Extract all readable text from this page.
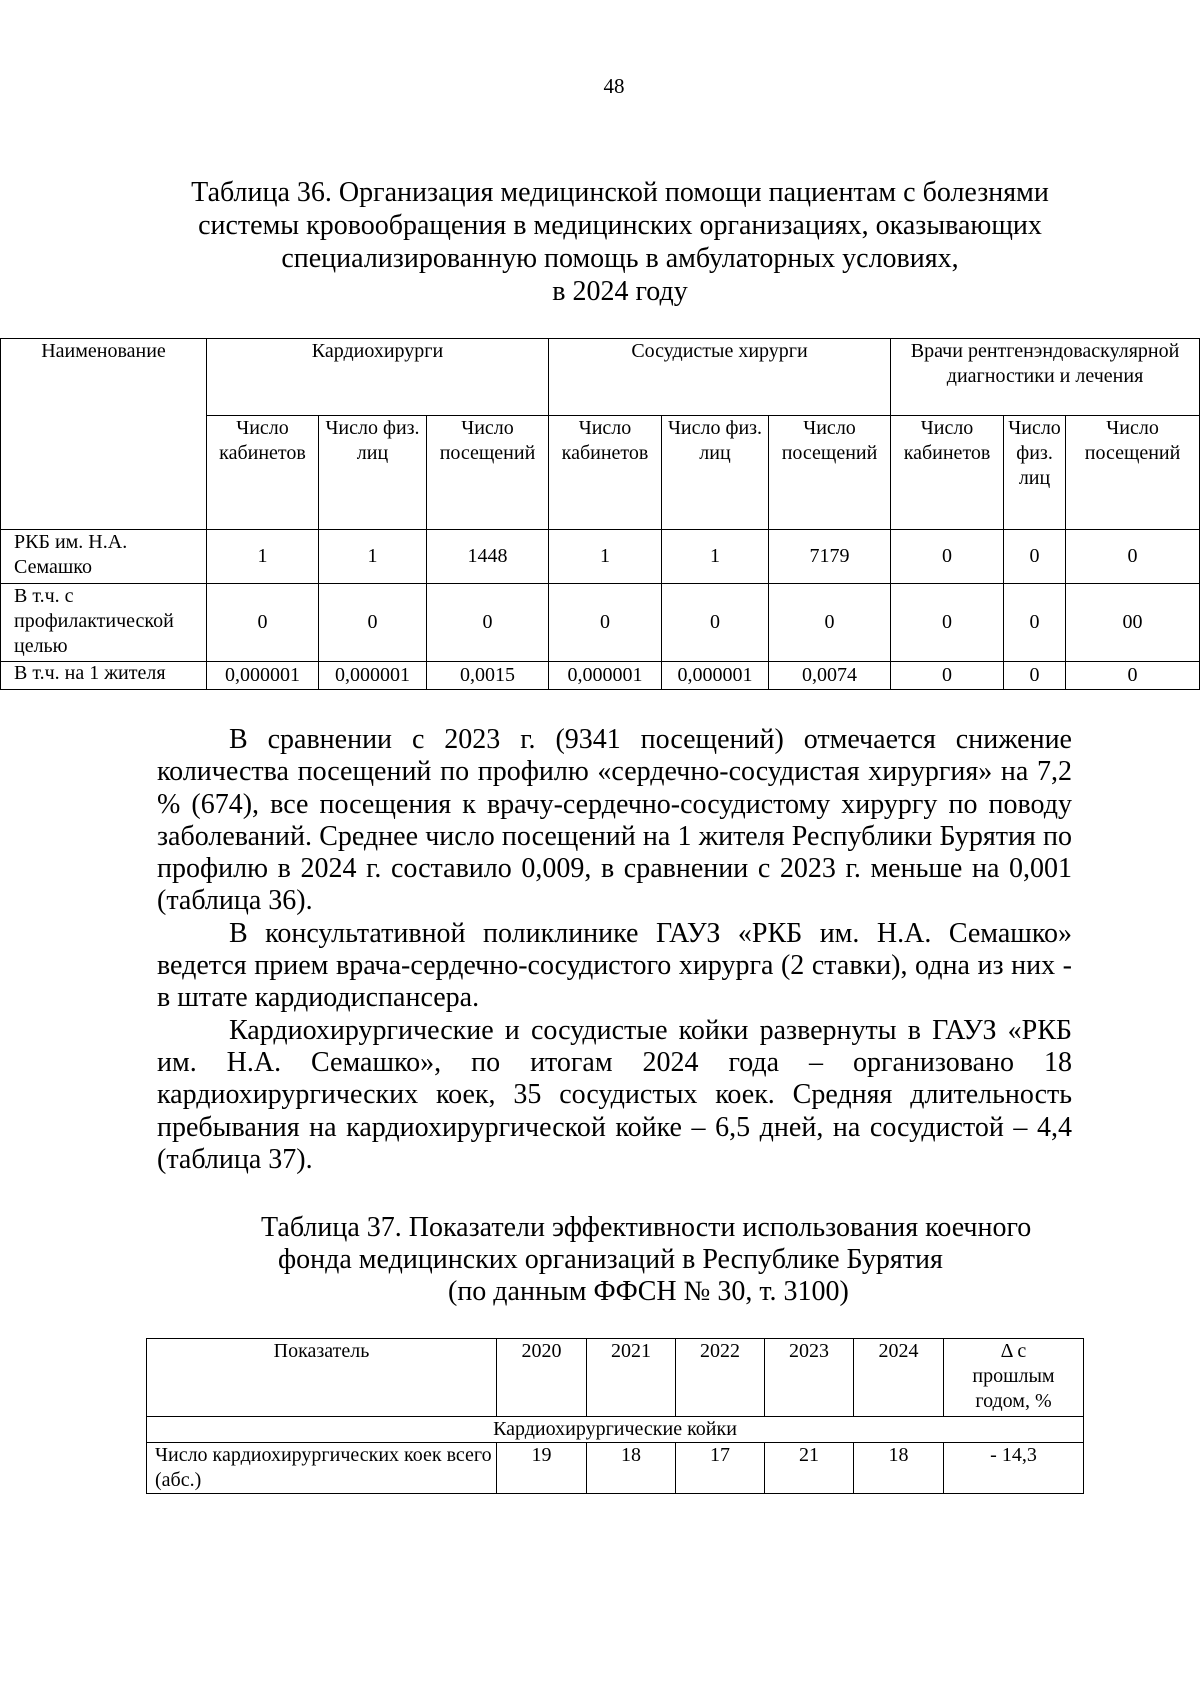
48
Таблица 36. Организация медицинской помощи пациентам с болезнями
системы кровообращения в медицинских организациях, оказывающих
специализированную помощь в амбулаторных условиях,
в 2024 году
Наименование	Кардиохирурги			Сосудистые хирурги			Врачи рентгенэндоваскулярной диагностики и лечения		
	Число кабинетов	Число физ. лиц	Число посещений	Число кабинетов	Число физ. лиц	Число посещений	Число кабинетов	Число физ. лиц	Число посещений
РКБ им. Н.А. Семашко	1	1	1448	1	1	7179	0	0	0
В т.ч. с профилактической целью	0	0	0	0	0	0	0	0	00
В т.ч. на 1 жителя	0,000001	0,000001	0,0015	0,000001	0,000001	0,0074	0	0	0

В сравнении с 2023 г. (9341 посещений) отмечается снижение количества посещений по профилю «сердечно-сосудистая хирургия» на 7,2 % (674), все посещения к врачу-сердечно-сосудистому хирургу по поводу заболеваний. Среднее число посещений на 1 жителя Республики Бурятия по профилю в 2024 г. составило 0,009, в сравнении с 2023 г. меньше на 0,001 (таблица 36).

В консультативной поликлинике ГАУЗ «РКБ им. Н.А. Семашко» ведется прием врача-сердечно-сосудистого хирурга (2 ставки), одна из них - в штате кардиодиспансера.

Кардиохирургические и сосудистые койки развернуты в ГАУЗ «РКБ им. Н.А. Семашко», по итогам 2024 года – организовано 18 кардиохирургических коек, 35 сосудистых коек. Средняя длительность пребывания на кардиохирургической койке – 6,5 дней, на сосудистой – 4,4 (таблица 37).

Таблица 37. Показатели эффективности использования коечного
фонда медицинских организаций в Республике Бурятия
(по данным ФФСН № 30, т. 3100)
Показатель	2020	2021	2022	2023	2024	Δ с прошлым годом, %
Кардиохирургические койки						
Число кардиохирургических коек всего (абс.)	19	18	17	21	18	- 14,3
